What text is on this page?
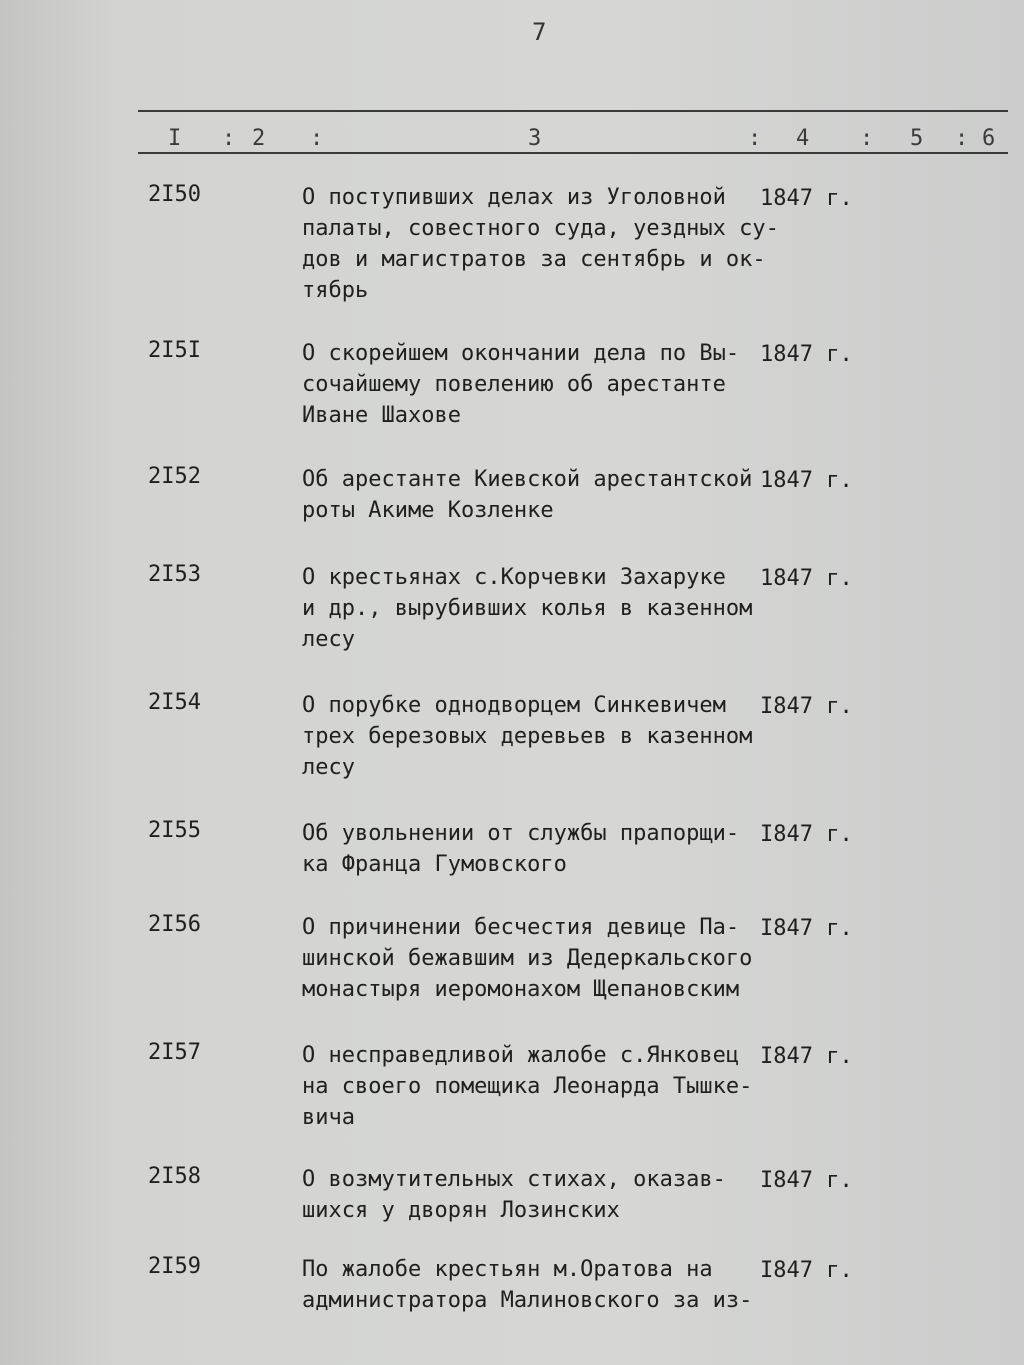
7
I : 2 :	3	: 4 : 5 : 6
2I50	О поступивших делах из Уголовной
палаты, совестного суда, уездных су-
дов и магистратов за сентябрь и ок-
тябрь
1847 г.
2I5I	О скорейшем окончании дела по Вы-
сочайшему повелению об арестанте
Иване Шахове
1847 г.
2I52	Об арестанте Киевской арестантской
роты Акиме Козленке
1847 г.
2I53	О крестьянах с.Корчевки Захаруке
и др., вырубивших колья в казенном
лесу
1847 г.
2I54	О порубке однодворцем Синкевичем
трех березовых деревьев в казенном
лесу
I847 г.
2I55	Об увольнении от службы прапорщи-
ка Франца Гумовского
I847 г.
2I56	О причинении бесчестия девице Па-
шинской бежавшим из Дедеркальского
монастыря иеромонахом Щепановским
I847 г.
2I57	О несправедливой жалобе с.Янковец
на своего помещика Леонарда Тышке-
вича
I847 г.
2I58	О возмутительных стихах, оказав-
шихся у дворян Лозинских
I847 г.
2I59	По жалобе крестьян м.Оратова на
администратора Малиновского за из-
I847 г.
